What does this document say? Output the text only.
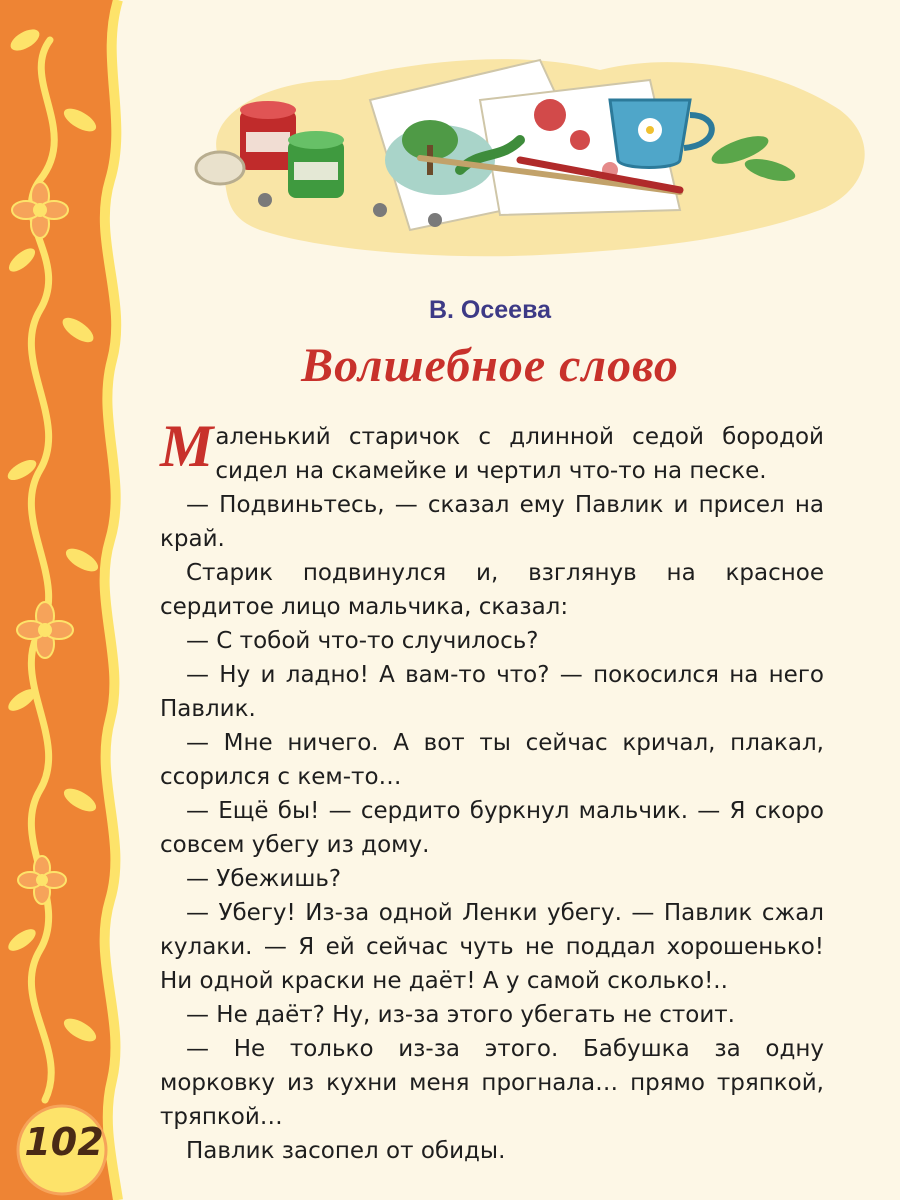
В. Осеева
Волшебное слово

Маленький старичок с длинной седой бородой сидел на скамейке и чертил что-то на песке.

— Подвиньтесь, — сказал ему Павлик и присел на край.

Старик подвинулся и, взглянув на красное сердитое лицо мальчика, сказал:

— С тобой что-то случилось?

— Ну и ладно! А вам-то что? — покосился на него Павлик.

— Мне ничего. А вот ты сейчас кричал, плакал, ссорился с кем-то…

— Ещё бы! — сердито буркнул мальчик. — Я скоро совсем убегу из дому.

— Убежишь?

— Убегу! Из-за одной Ленки убегу. — Павлик сжал кулаки. — Я ей сейчас чуть не поддал хорошенько! Ни одной краски не даёт! А у самой сколько!..

— Не даёт? Ну, из-за этого убегать не стоит.

— Не только из-за этого. Бабушка за одну морковку из кухни меня прогнала… прямо тряпкой, тряпкой…

Павлик засопел от обиды.

102
